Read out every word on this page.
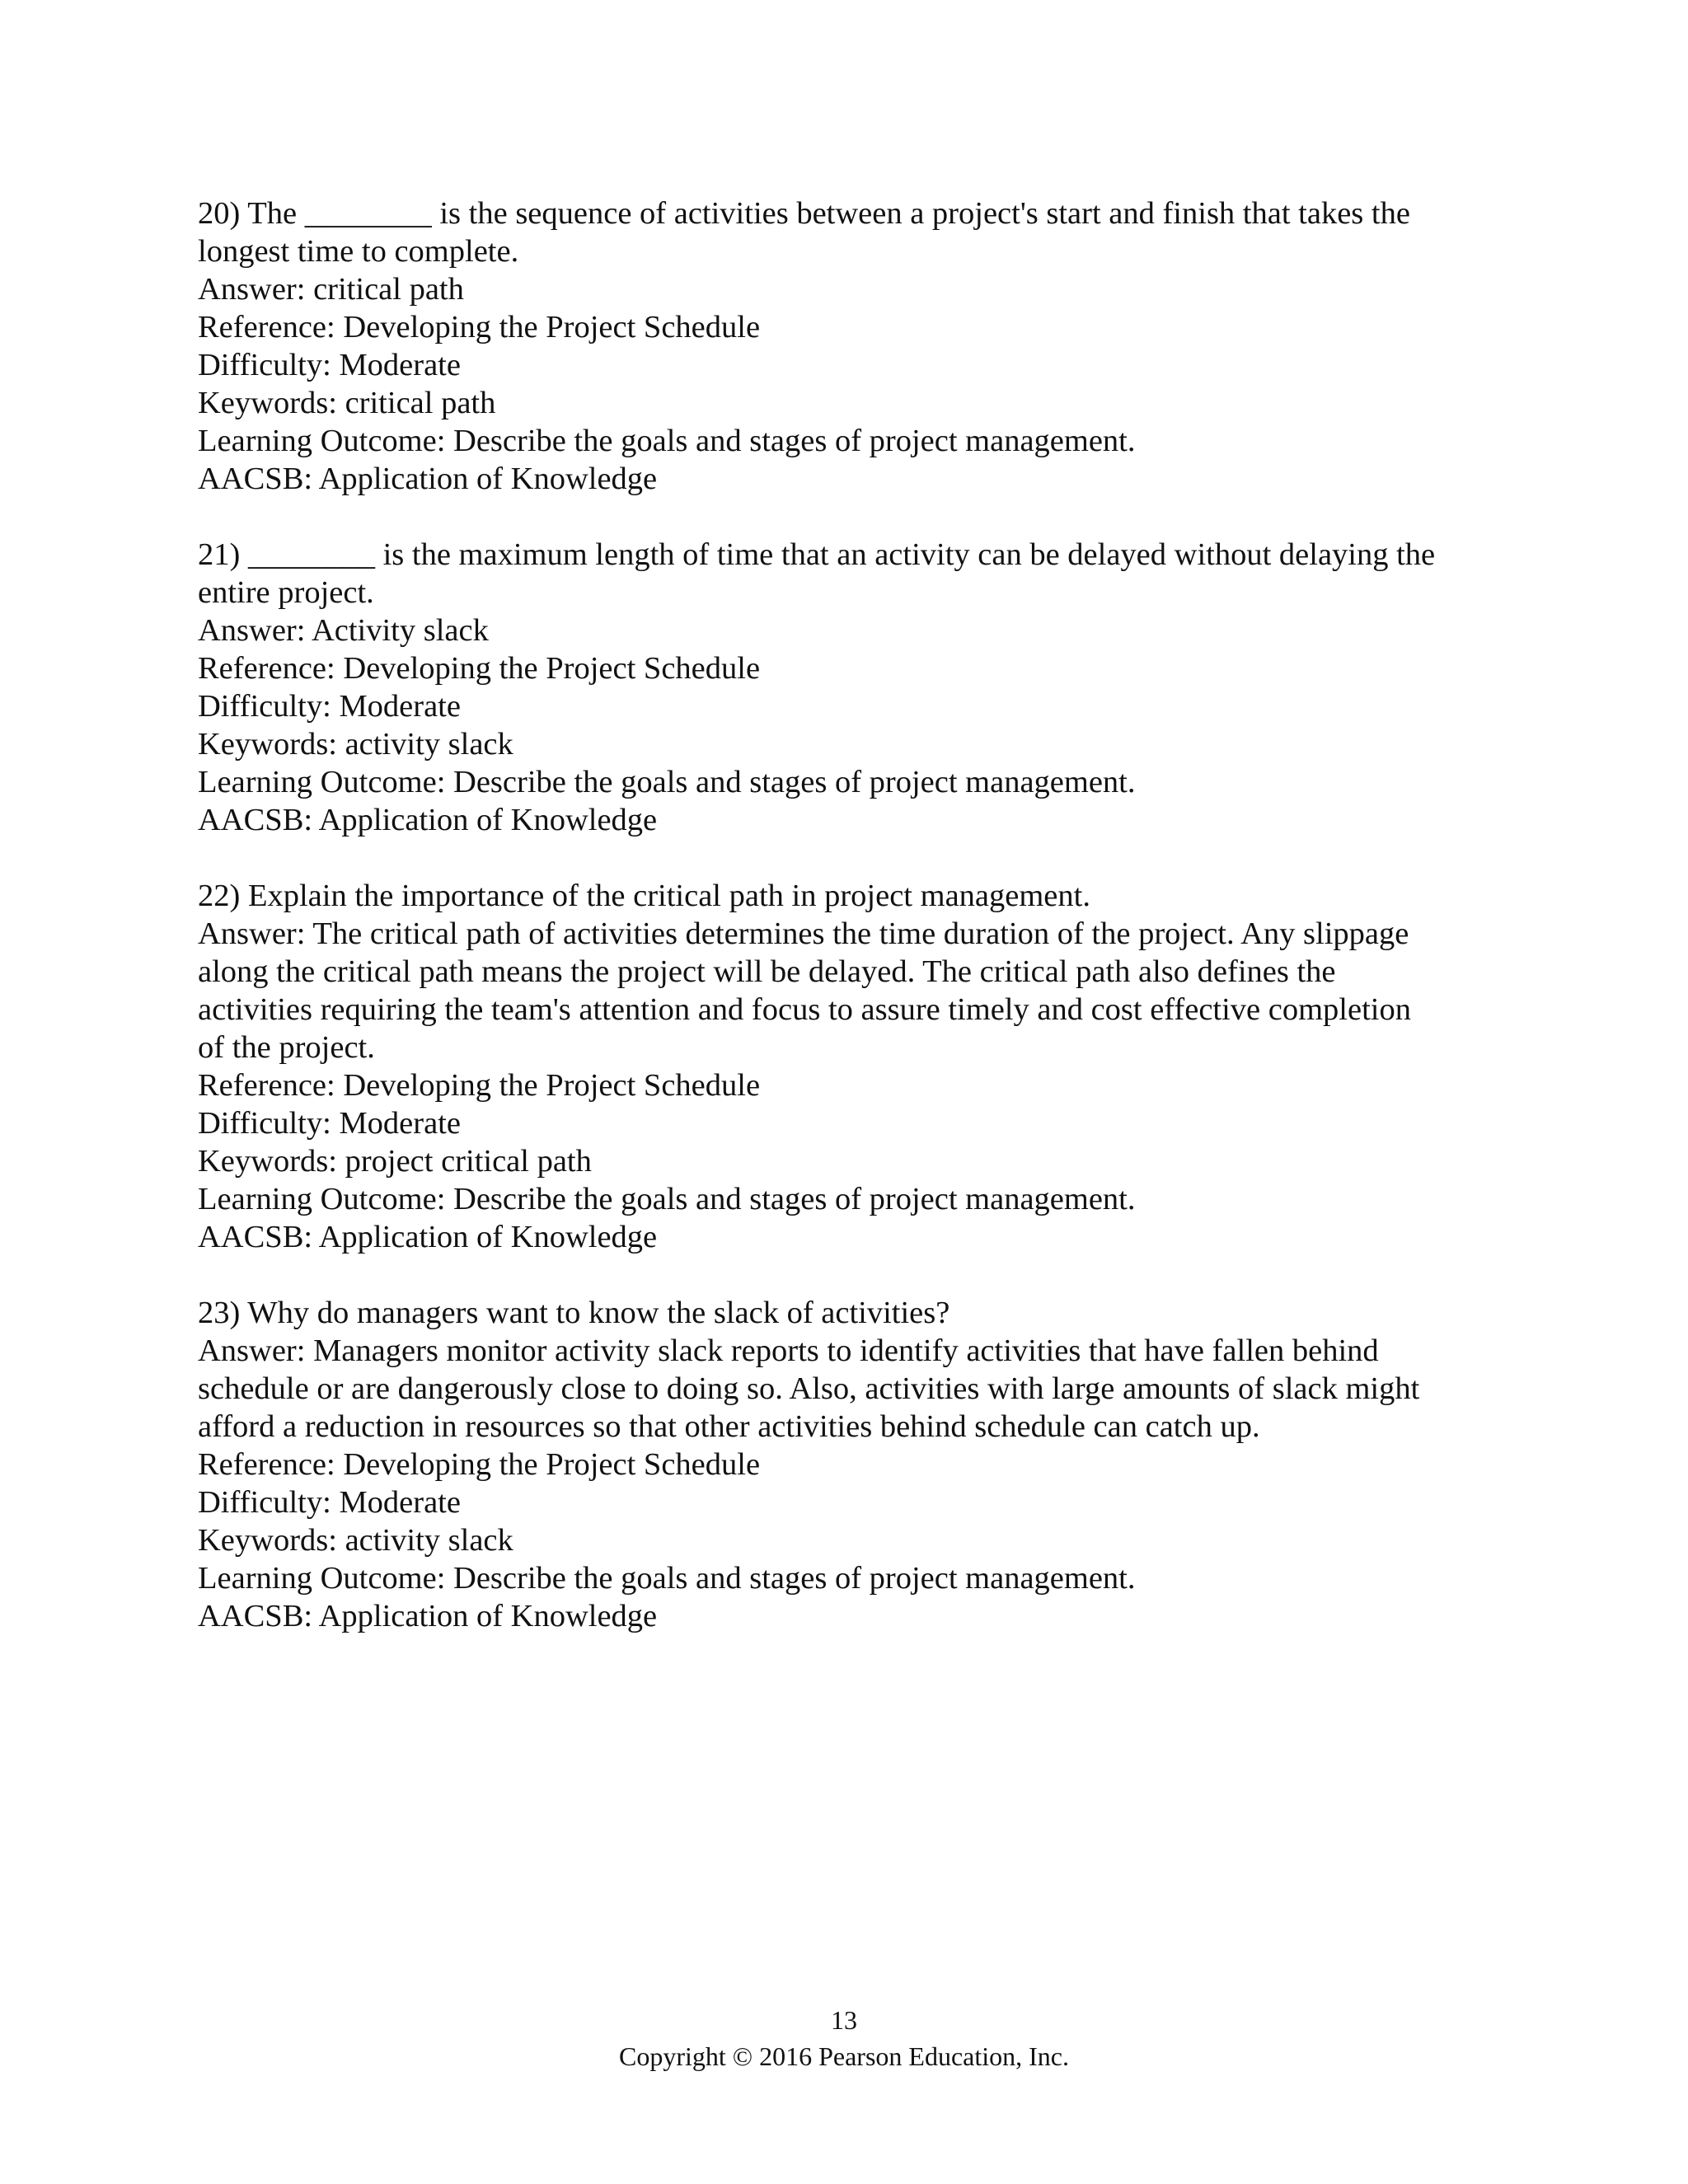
20) The ________ is the sequence of activities between a project's start and finish that takes the
longest time to complete.
Answer: critical path
Reference: Developing the Project Schedule
Difficulty: Moderate
Keywords: critical path
Learning Outcome: Describe the goals and stages of project management.
AACSB: Application of Knowledge
21) ________ is the maximum length of time that an activity can be delayed without delaying the
entire project.
Answer: Activity slack
Reference: Developing the Project Schedule
Difficulty: Moderate
Keywords: activity slack
Learning Outcome: Describe the goals and stages of project management.
AACSB: Application of Knowledge
22) Explain the importance of the critical path in project management.
Answer: The critical path of activities determines the time duration of the project. Any slippage
along the critical path means the project will be delayed. The critical path also defines the
activities requiring the team's attention and focus to assure timely and cost effective completion
of the project.
Reference: Developing the Project Schedule
Difficulty: Moderate
Keywords: project critical path
Learning Outcome: Describe the goals and stages of project management.
AACSB: Application of Knowledge
23) Why do managers want to know the slack of activities?
Answer: Managers monitor activity slack reports to identify activities that have fallen behind
schedule or are dangerously close to doing so. Also, activities with large amounts of slack might
afford a reduction in resources so that other activities behind schedule can catch up.
Reference: Developing the Project Schedule
Difficulty: Moderate
Keywords: activity slack
Learning Outcome: Describe the goals and stages of project management.
AACSB: Application of Knowledge
13
Copyright © 2016 Pearson Education, Inc.
